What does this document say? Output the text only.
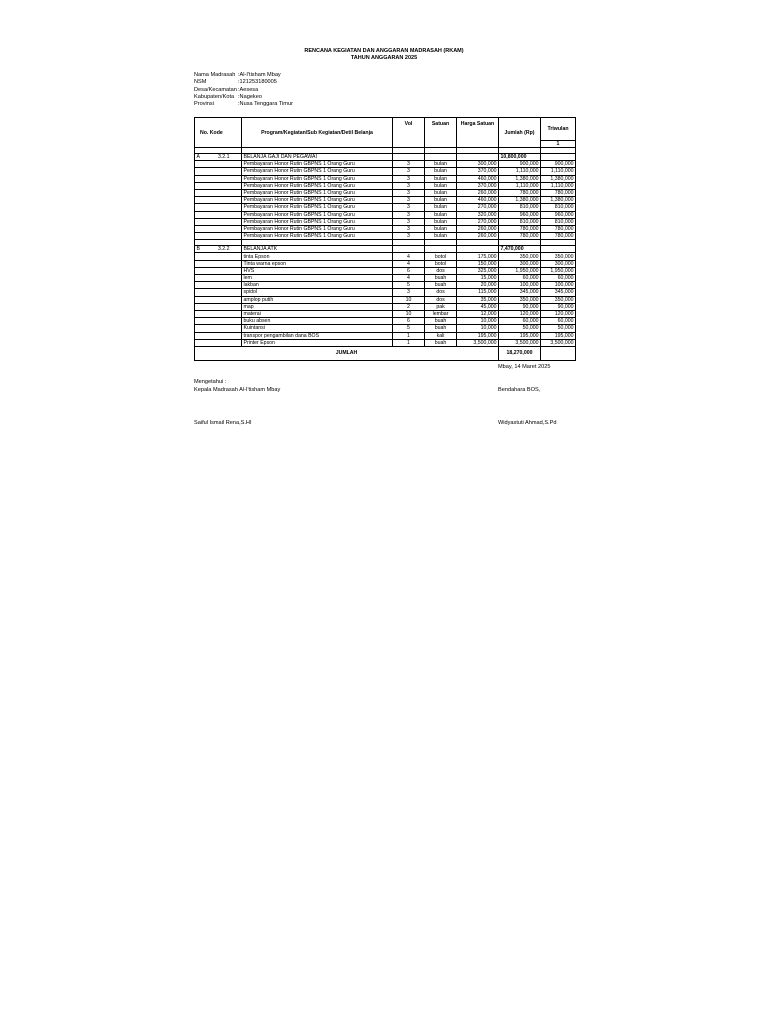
RENCANA KEGIATAN DAN ANGGARAN MADRASAH (RKAM)
TAHUN ANGGARAN 2025
Nama Madrasah :Al-I'tisham Mbay
NSM	:121253180005
Desa/Kecamatan :Aesesa
Kabupaten/Kota :Nagekeo
Provinsi	:Nusa Tenggara Timur
No. Kode	Program/Kegiatan/Sub Kegiatan/Detil Belanja	Vol	Satuan	Harga Satuan	Jumlah (Rp)	Triwulan
						1

A 3.2.1	BELANJA GAJI DAN PEGAWAI				10,800,000	
	Pembayaran Honor Rutin GBPNS 1 Orang Guru	3	bulan	300,000	900,000	900,000
	Pembayaran Honor Rutin GBPNS 1 Orang Guru	3	bulan	370,000	1,110,000	1,110,000
	Pembayaran Honor Rutin GBPNS 1 Orang Guru	3	bulan	460,000	1,380,000	1,380,000
	Pembayaran Honor Rutin GBPNS 1 Orang Guru	3	bulan	370,000	1,110,000	1,110,000
	Pembayaran Honor Rutin GBPNS 1 Orang Guru	3	bulan	260,000	780,000	780,000
	Pembayaran Honor Rutin GBPNS 1 Orang Guru	3	bulan	460,000	1,380,000	1,380,000
	Pembayaran Honor Rutin GBPNS 1 Orang Guru	3	bulan	270,000	810,000	810,000
	Pembayaran Honor Rutin GBPNS 1 Orang Guru	3	bulan	320,000	960,000	960,000
	Pembayaran Honor Rutin GBPNS 1 Orang Guru	3	bulan	270,000	810,000	810,000
	Pembayaran Honor Rutin GBPNS 1 Orang Guru	3	bulan	260,000	780,000	780,000
	Pembayaran Honor Rutin GBPNS 1 Orang Guru	3	bulan	260,000	780,000	780,000

B 3.2.2	BELANJA ATK				7,470,000	
	tinta Epson	4	botol	175,000	350,000	350,000
	Tinta warna epson	4	botol	150,000	300,000	300,000
	HVS	6	dos	325,000	1,950,000	1,950,000
	lem	4	buah	15,000	60,000	60,000
	lakban	5	buah	20,000	100,000	100,000
	spidol	3	dos	115,000	345,000	345,000
	amplop putih	10	dos	35,000	350,000	350,000
	map	2	pak	45,000	90,000	90,000
	materai	10	lembar	12,000	120,000	120,000
	buku absen	6	buah	10,000	60,000	60,000
	Kuintansi	5	buah	10,000	50,000	50,000
	transpor pengambilan dana BOS	1	kali	195,000	195,000	195,000
	Printer Epson	1	buah	3,500,000	3,500,000	3,500,000
JUMLAH					18,270,000	
Mbay, 14 Maret 2025
Mengetahui :
Kepala Madrasah Al-I'tisham Mbay	Bendahara BOS,
Saiful Ismail Rena,S.HI	Widyastuti Ahmad,S.Pd
